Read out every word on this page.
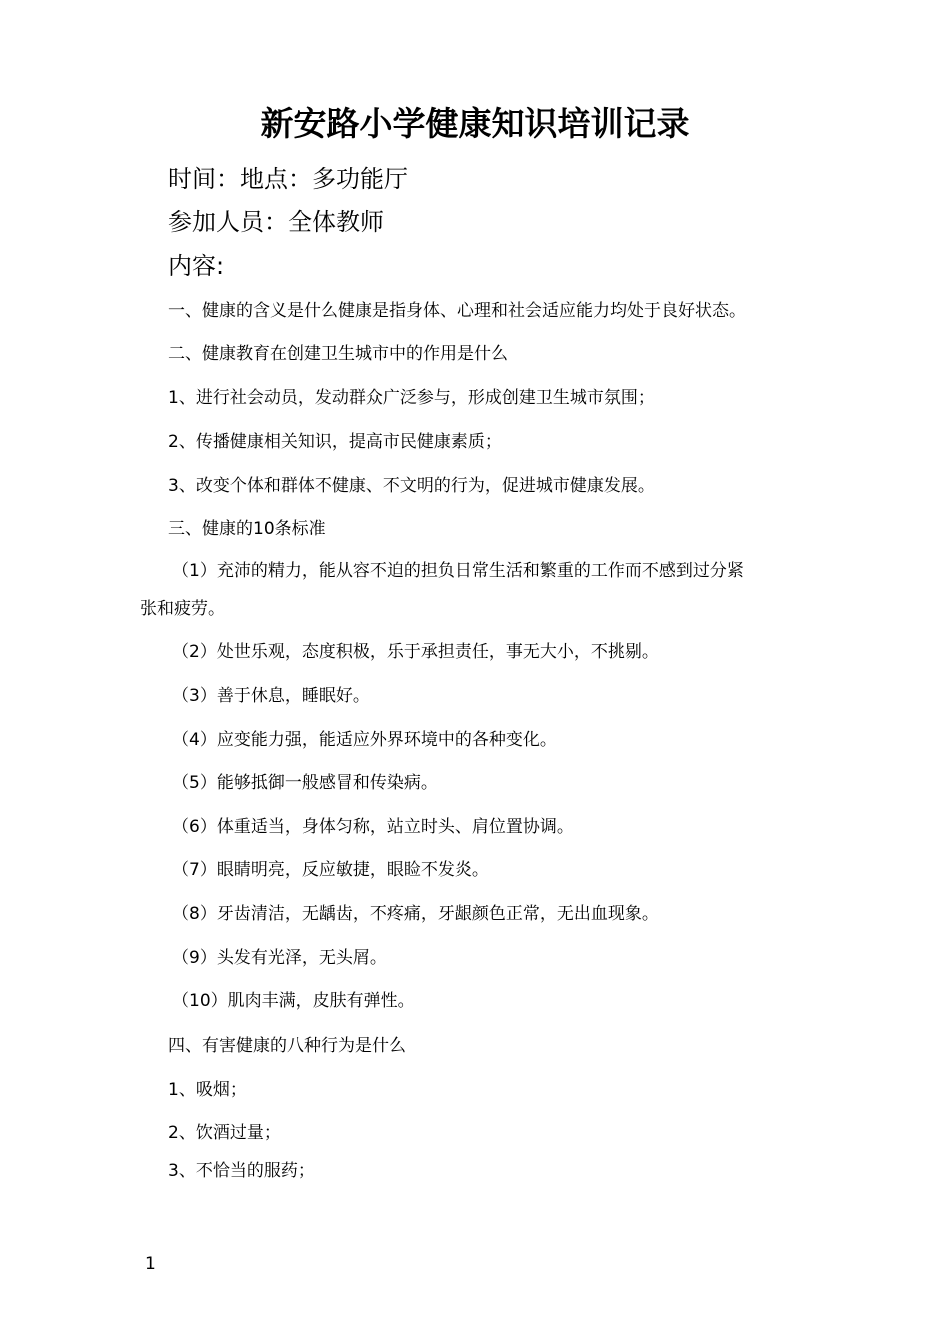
新安路小学健康知识培训记录

时间：地点：多功能厅

参加人员：全体教师

内容:

一、健康的含义是什么健康是指身体、心理和社会适应能力均处于良好状态。

二、健康教育在创建卫生城市中的作用是什么

1、进行社会动员，发动群众广泛参与，形成创建卫生城市氛围；

2、传播健康相关知识，提高市民健康素质；

3、改变个体和群体不健康、不文明的行为，促进城市健康发展。

三、健康的10条标准

（1）充沛的精力，能从容不迫的担负日常生活和繁重的工作而不感到过分紧

张和疲劳。

（2）处世乐观，态度积极，乐于承担责任，事无大小，不挑剔。

（3）善于休息，睡眠好。

（4）应变能力强，能适应外界环境中的各种变化。

（5）能够抵御一般感冒和传染病。

（6）体重适当，身体匀称，站立时头、肩位置协调。

（7）眼睛明亮，反应敏捷，眼睑不发炎。

（8）牙齿清洁，无龋齿，不疼痛，牙龈颜色正常，无出血现象。

（9）头发有光泽，无头屑。

（10）肌肉丰满，皮肤有弹性。

四、有害健康的八种行为是什么

1、吸烟；

2、饮酒过量；

3、不恰当的服药；

1
